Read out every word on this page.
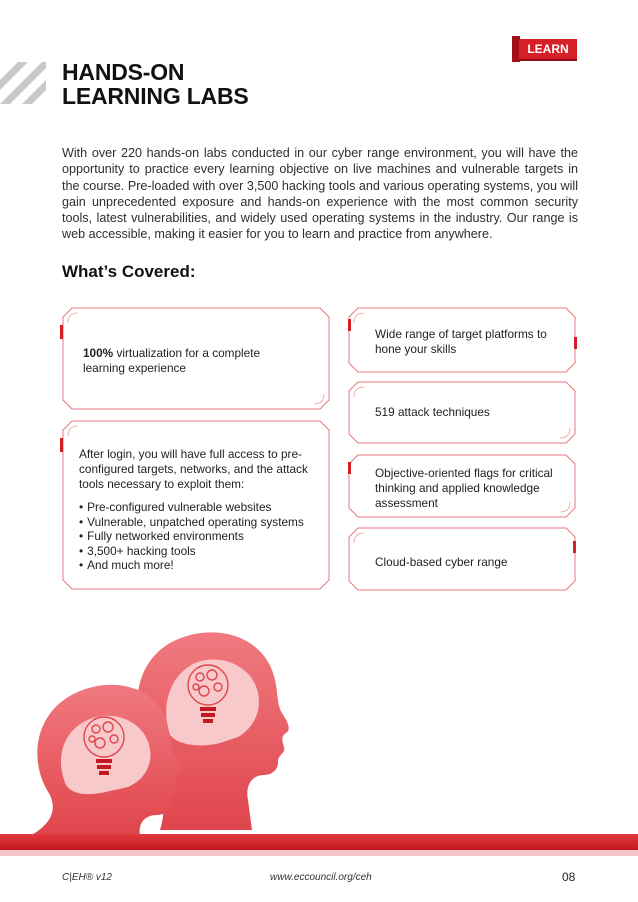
LEARN
HANDS-ON
LEARNING LABS
With over 220 hands-on labs conducted in our cyber range environment, you will have the opportunity to practice every learning objective on live machines and vulnerable targets in the course. Pre-loaded with over 3,500 hacking tools and various operating systems, you will gain unprecedented exposure and hands-on experience with the most common security tools, latest vulnerabilities, and widely used operating systems in the industry. Our range is web accessible, making it easier for you to learn and practice from anywhere.
What’s Covered:
100% virtualization for a complete learning experience
After login, you will have full access to pre-configured targets, networks, and the attack tools necessary to exploit them:
• Pre-configured vulnerable websites
• Vulnerable, unpatched operating systems
• Fully networked environments
• 3,500+ hacking tools
• And much more!
Wide range of target platforms to hone your skills
519 attack techniques
Objective-oriented flags for critical thinking and applied knowledge assessment
Cloud-based cyber range
C|EH® v12	www.eccouncil.org/ceh	08
